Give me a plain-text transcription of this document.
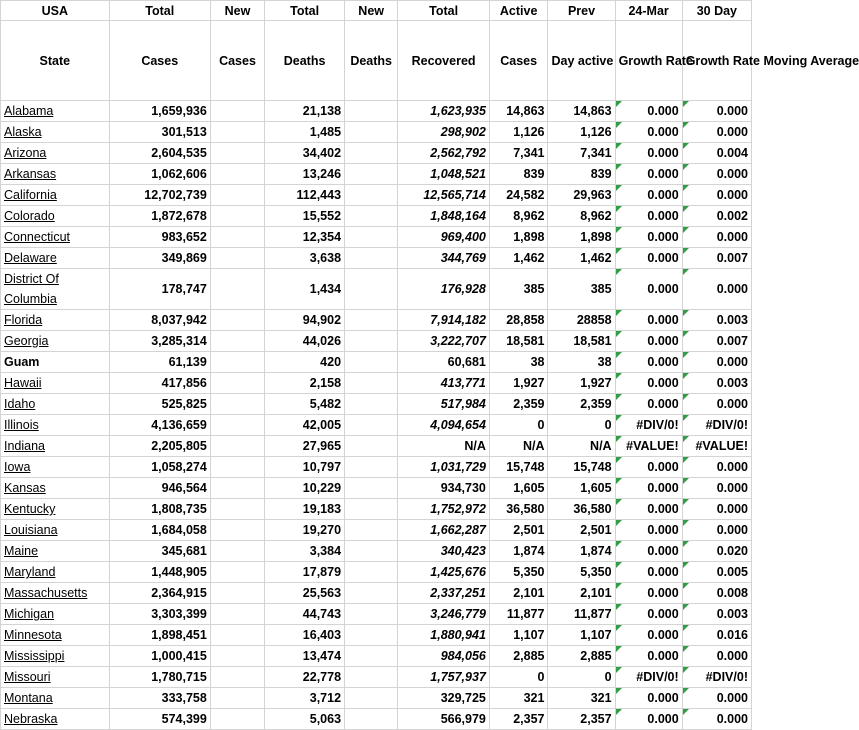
USA	Total	New	Total	New	Total	Active	Prev	24-Mar	30 Day
State	Cases	Cases	Deaths	Deaths	Recovered	Cases	Day active	Growth Rate	Growth Rate Moving Average
Alabama	1,659,936		21,138		1,623,935	14,863	14,863	0.000	0.000
Alaska	301,513		1,485		298,902	1,126	1,126	0.000	0.000
Arizona	2,604,535		34,402		2,562,792	7,341	7,341	0.000	0.004
Arkansas	1,062,606		13,246		1,048,521	839	839	0.000	0.000
California	12,702,739		112,443		12,565,714	24,582	29,963	0.000	0.000
Colorado	1,872,678		15,552		1,848,164	8,962	8,962	0.000	0.002
Connecticut	983,652		12,354		969,400	1,898	1,898	0.000	0.000
Delaware	349,869		3,638		344,769	1,462	1,462	0.000	0.007
District Of Columbia	178,747		1,434		176,928	385	385	0.000	0.000
Florida	8,037,942		94,902		7,914,182	28,858	28858	0.000	0.003
Georgia	3,285,314		44,026		3,222,707	18,581	18,581	0.000	0.007
Guam	61,139		420		60,681	38	38	0.000	0.000
Hawaii	417,856		2,158		413,771	1,927	1,927	0.000	0.003
Idaho	525,825		5,482		517,984	2,359	2,359	0.000	0.000
Illinois	4,136,659		42,005		4,094,654	0	0	#DIV/0!	#DIV/0!
Indiana	2,205,805		27,965		N/A	N/A	N/A	#VALUE!	#VALUE!
Iowa	1,058,274		10,797		1,031,729	15,748	15,748	0.000	0.000
Kansas	946,564		10,229		934,730	1,605	1,605	0.000	0.000
Kentucky	1,808,735		19,183		1,752,972	36,580	36,580	0.000	0.000
Louisiana	1,684,058		19,270		1,662,287	2,501	2,501	0.000	0.000
Maine	345,681		3,384		340,423	1,874	1,874	0.000	0.020
Maryland	1,448,905		17,879		1,425,676	5,350	5,350	0.000	0.005
Massachusetts	2,364,915		25,563		2,337,251	2,101	2,101	0.000	0.008
Michigan	3,303,399		44,743		3,246,779	11,877	11,877	0.000	0.003
Minnesota	1,898,451		16,403		1,880,941	1,107	1,107	0.000	0.016
Mississippi	1,000,415		13,474		984,056	2,885	2,885	0.000	0.000
Missouri	1,780,715		22,778		1,757,937	0	0	#DIV/0!	#DIV/0!
Montana	333,758		3,712		329,725	321	321	0.000	0.000
Nebraska	574,399		5,063		566,979	2,357	2,357	0.000	0.000
